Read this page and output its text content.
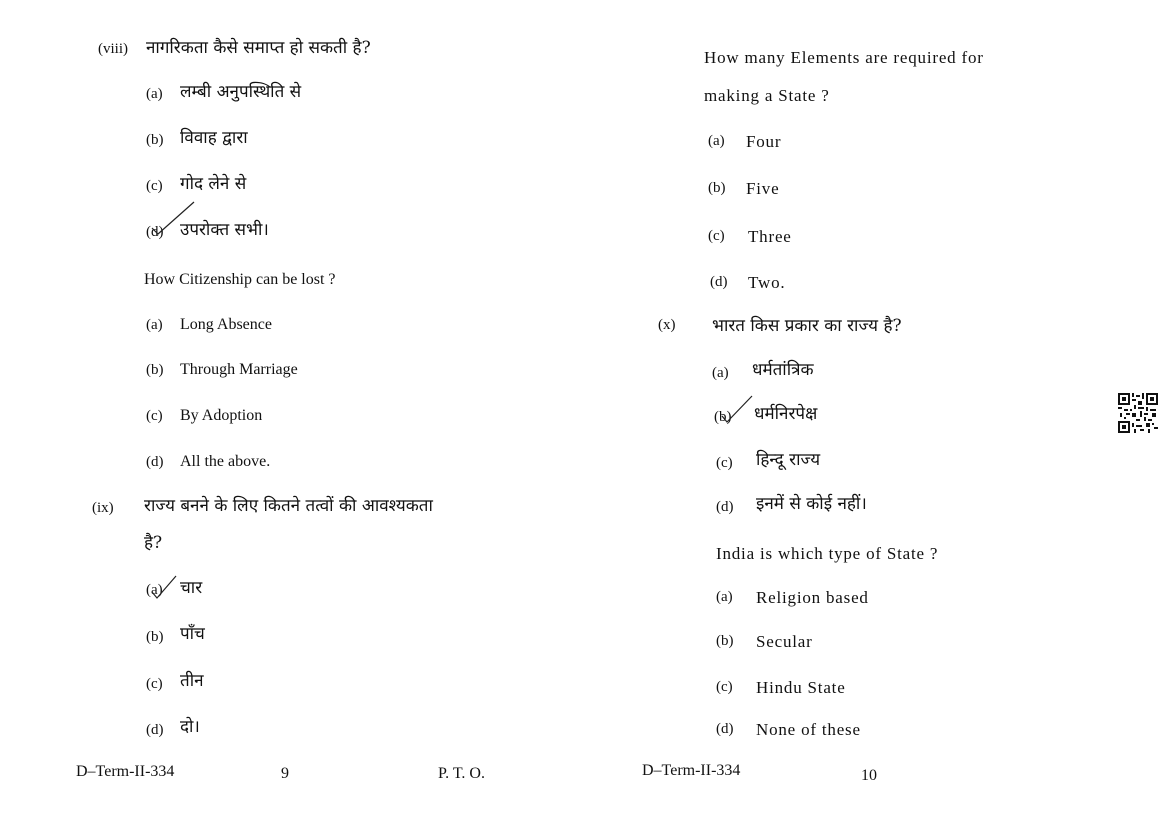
(viii) नागरिकता कैसे समाप्त हो सकती है?
(a) लम्बी अनुपस्थिति से
(b) विवाह द्वारा
(c) गोद लेने से
(d) उपरोक्त सभी।
How Citizenship can be lost ?
(a) Long Absence
(b) Through Marriage
(c) By Adoption
(d) All the above.
(ix) राज्य बनने के लिए कितने तत्वों की आवश्यकता
है?
(a) चार
(b) पाँच
(c) तीन
(d) दो।
D–Term-II-334	9	P. T. O.
How many Elements are required for
making a State ?
(a) Four
(b) Five
(c) Three
(d) Two.
(x) भारत किस प्रकार का राज्य है?
(a) धर्मतांत्रिक
(b) धर्मनिरपेक्ष
(c) हिन्दू राज्य
(d) इनमें से कोई नहीं।
India is which type of State ?
(a) Religion based
(b) Secular
(c) Hindu State
(d) None of these
D–Term-II-334	10
